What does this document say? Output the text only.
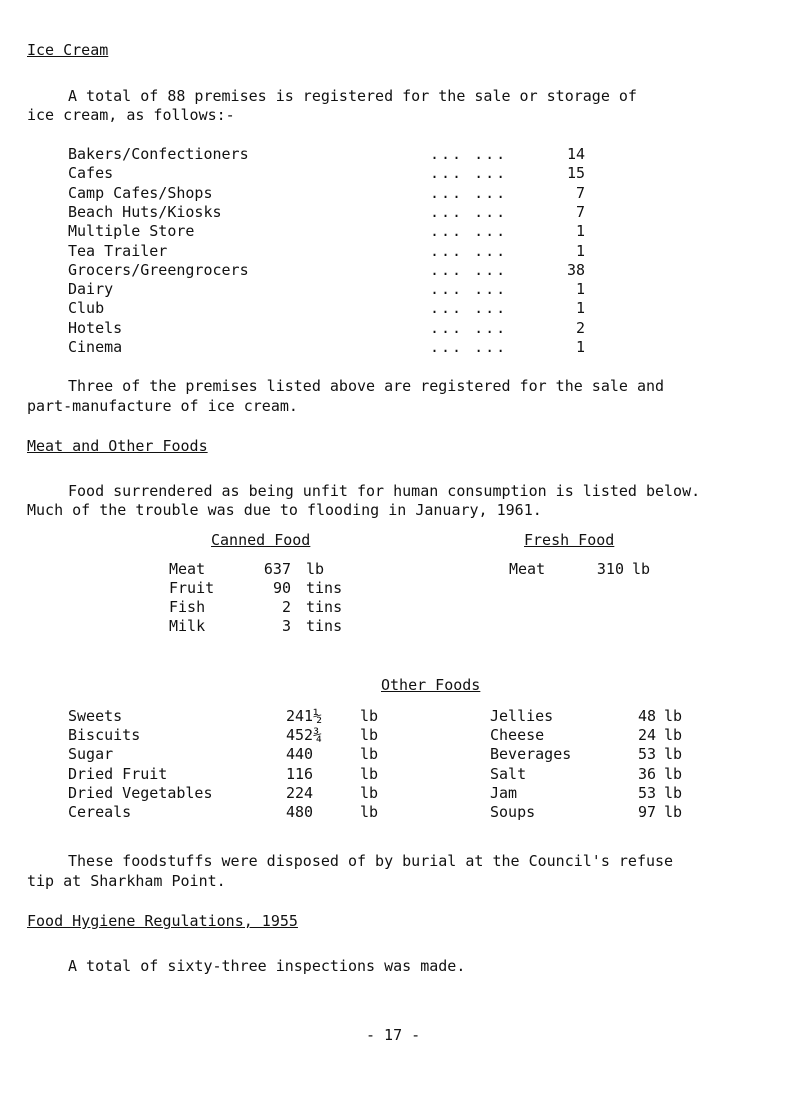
Ice Cream
A total of 88 premises is registered for the sale or storage of
ice cream, as follows:-
Bakers/Confectioners	... ...	14
Cafes	... ...	15
Camp Cafes/Shops	... ...	7
Beach Huts/Kiosks	... ...	7
Multiple Store	... ...	1
Tea Trailer	... ...	1
Grocers/Greengrocers	... ...	38
Dairy	... ...	1
Club	... ...	1
Hotels	... ...	2
Cinema	... ...	1
Three of the premises listed above are registered for the sale and
part-manufacture of ice cream.
Meat and Other Foods
Food surrendered as being unfit for human consumption is listed below.
Much of the trouble was due to flooding in January, 1961.
Canned Food	Fresh Food
Meat	637 lb
Fruit	90 tins
Fish	2 tins
Milk	3 tins
Meat	310 lb
Other Foods
Sweets	241½	lb
Biscuits	452¾	lb
Sugar	440	lb
Dried Fruit	116	lb
Dried Vegetables	224	lb
Cereals	480	lb
Jellies	48 lb
Cheese	24 lb
Beverages	53 lb
Salt	36 lb
Jam	53 lb
Soups	97 lb
These foodstuffs were disposed of by burial at the Council's refuse
tip at Sharkham Point.
Food Hygiene Regulations, 1955
A total of sixty-three inspections was made.
- 17 -
